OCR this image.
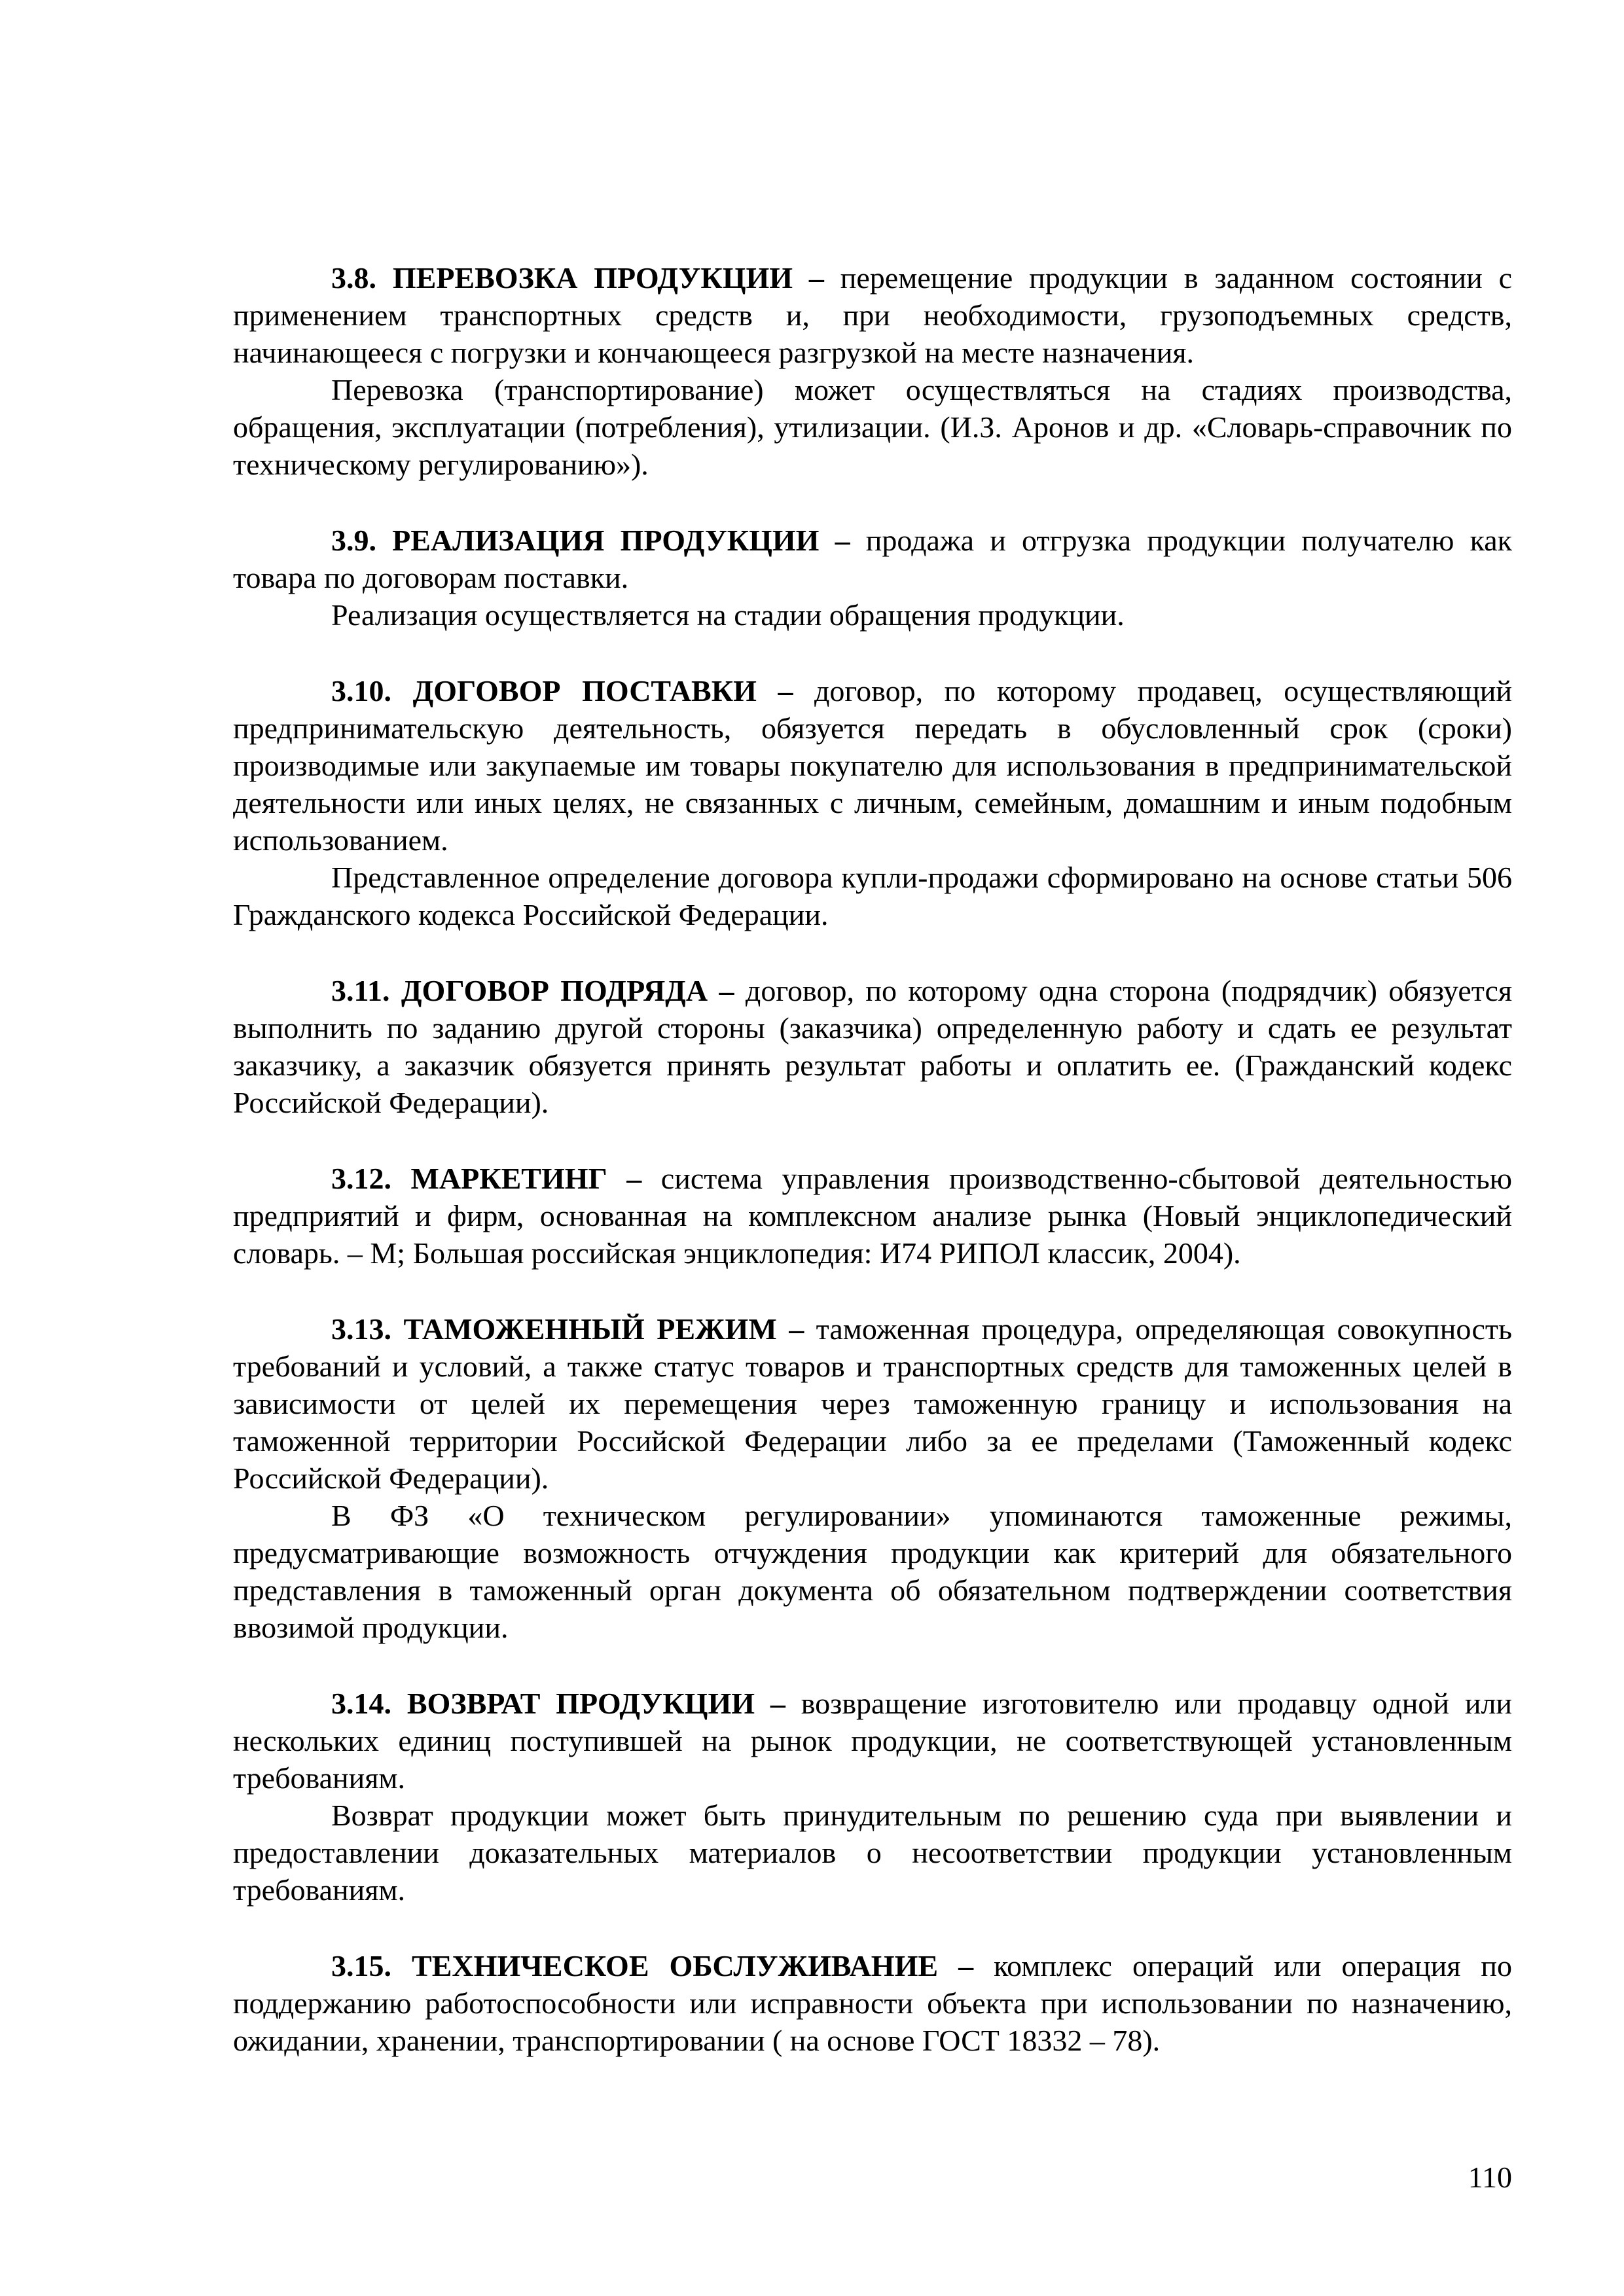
3.8. ПЕРЕВОЗКА ПРОДУКЦИИ – перемещение продукции в заданном состоянии с применением транспортных средств и, при необходимости, грузоподъемных средств, начинающееся с погрузки и кончающееся разгрузкой на месте назначения.

Перевозка (транспортирование) может осуществляться на стадиях производства, обращения, эксплуатации (потребления), утилизации. (И.З. Аронов и др. «Словарь-справочник по техническому регулированию»).

3.9. РЕАЛИЗАЦИЯ ПРОДУКЦИИ – продажа и отгрузка продукции получателю как товара по договорам поставки.

Реализация осуществляется на стадии обращения продукции.

3.10. ДОГОВОР ПОСТАВКИ – договор, по которому продавец, осуществляющий предпринимательскую деятельность, обязуется передать в обусловленный срок (сроки) производимые или закупаемые им товары покупателю для использования в предпринимательской деятельности или иных целях, не связанных с личным, семейным, домашним и иным подобным использованием.

Представленное определение договора купли-продажи сформировано на основе статьи 506 Гражданского кодекса Российской Федерации.

3.11. ДОГОВОР ПОДРЯДА – договор, по которому одна сторона (подрядчик) обязуется выполнить по заданию другой стороны (заказчика) определенную работу и сдать ее результат заказчику, а заказчик обязуется принять результат работы и оплатить ее. (Гражданский кодекс Российской Федерации).

3.12. МАРКЕТИНГ – система управления производственно-сбытовой деятельностью предприятий и фирм, основанная на комплексном анализе рынка (Новый энциклопедический словарь. – М; Большая российская энциклопедия: И74 РИПОЛ классик, 2004).

3.13. ТАМОЖЕННЫЙ РЕЖИМ – таможенная процедура, определяющая совокупность требований и условий, а также статус товаров и транспортных средств для таможенных целей в зависимости от целей их перемещения через таможенную границу и использования на таможенной территории Российской Федерации либо за ее пределами (Таможенный кодекс Российской Федерации).

В ФЗ «О техническом регулировании» упоминаются таможенные режимы, предусматривающие возможность отчуждения продукции как критерий для обязательного представления в таможенный орган документа об обязательном подтверждении соответствия ввозимой продукции.

3.14. ВОЗВРАТ ПРОДУКЦИИ – возвращение изготовителю или продавцу одной или нескольких единиц поступившей на рынок продукции, не соответствующей установленным требованиям.

Возврат продукции может быть принудительным по решению суда при выявлении и предоставлении доказательных материалов о несоответствии продукции установленным требованиям.

3.15. ТЕХНИЧЕСКОЕ ОБСЛУЖИВАНИЕ – комплекс операций или операция по поддержанию работоспособности или исправности объекта при использовании по назначению, ожидании, хранении, транспортировании ( на основе ГОСТ 18332 – 78).

110
